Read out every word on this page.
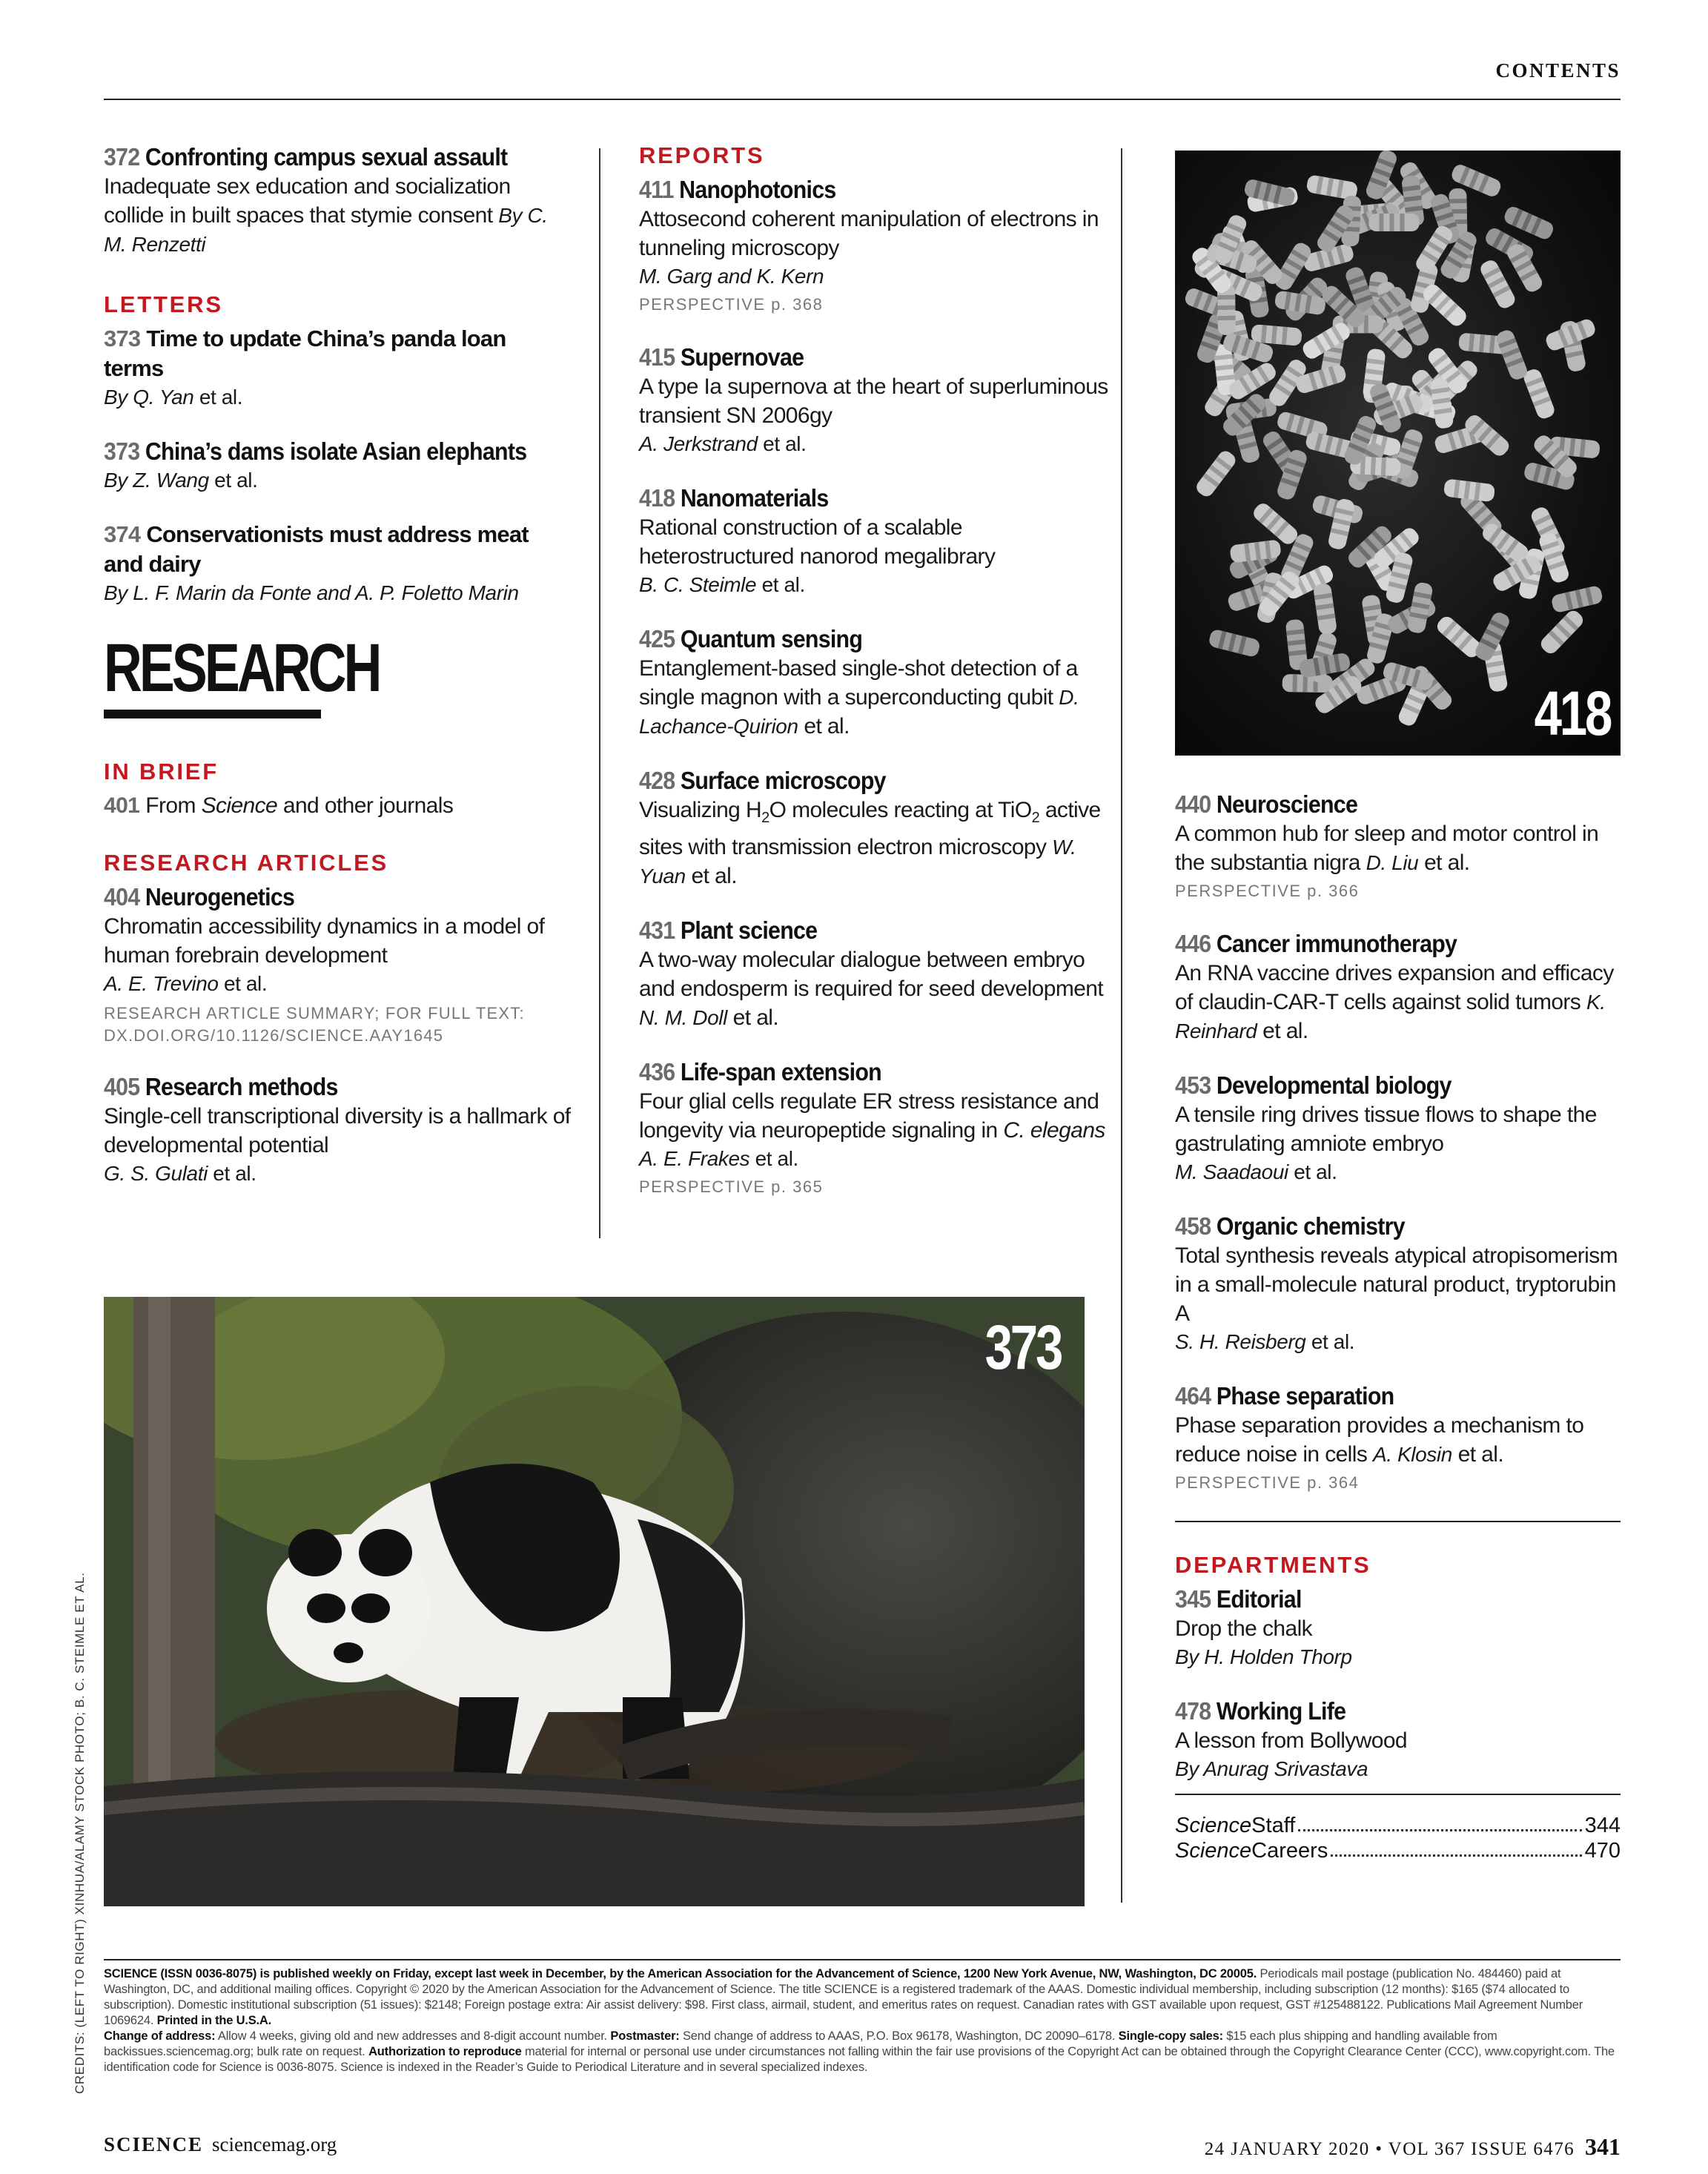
CONTENTS
372 Confronting campus sexual assault
Inadequate sex education and socialization collide in built spaces that stymie consent By C. M. Renzetti
LETTERS
373 Time to update China’s panda loan terms
By Q. Yan et al.
373 China’s dams isolate Asian elephants
By Z. Wang et al.
374 Conservationists must address meat and dairy
By L. F. Marin da Fonte and A. P. Foletto Marin
RESEARCH
IN BRIEF
401 From Science and other journals
RESEARCH ARTICLES
404 Neurogenetics
Chromatin accessibility dynamics in a model of human forebrain development
A. E. Trevino et al.
RESEARCH ARTICLE SUMMARY; FOR FULL TEXT: DX.DOI.ORG/10.1126/SCIENCE.AAY1645
405 Research methods
Single-cell transcriptional diversity is a hallmark of developmental potential
G. S. Gulati et al.
REPORTS
411 Nanophotonics
Attosecond coherent manipulation of electrons in tunneling microscopy
M. Garg and K. Kern
PERSPECTIVE p. 368
415 Supernovae
A type Ia supernova at the heart of superluminous transient SN 2006gy
A. Jerkstrand et al.
418 Nanomaterials
Rational construction of a scalable heterostructured nanorod megalibrary
B. C. Steimle et al.
425 Quantum sensing
Entanglement-based single-shot detection of a single magnon with a superconducting qubit D. Lachance-Quirion et al.
428 Surface microscopy
Visualizing $H_2O$ molecules reacting at TiO$_2$ active sites with transmission electron microscopy W. Yuan et al.
431 Plant science
A two-way molecular dialogue between embryo and endosperm is required for seed development N. M. Doll et al.
436 Life-span extension
Four glial cells regulate ER stress resistance and longevity via neuropeptide signaling in C. elegans
A. E. Frakes et al.
PERSPECTIVE p. 365
418
440 Neuroscience
A common hub for sleep and motor control in the substantia nigra D. Liu et al.
PERSPECTIVE p. 366
446 Cancer immunotherapy
An RNA vaccine drives expansion and efficacy of claudin-CAR-T cells against solid tumors K. Reinhard et al.
453 Developmental biology
A tensile ring drives tissue flows to shape the gastrulating amniote embryo
M. Saadaoui et al.
458 Organic chemistry
Total synthesis reveals atypical atropisomerism in a small-molecule natural product, tryptorubin A
S. H. Reisberg et al.
464 Phase separation
Phase separation provides a mechanism to reduce noise in cells A. Klosin et al.
PERSPECTIVE p. 364
DEPARTMENTS
345 Editorial
Drop the chalk
By H. Holden Thorp
478 Working Life
A lesson from Bollywood
By Anurag Srivastava
Science Staff	344
Science Careers	470
373
CREDITS: (LEFT TO RIGHT) XINHUA/ALAMY STOCK PHOTO; B. C. STEIMLE ET AL. SCIENCE (ISSN 0036-8075) is published weekly on Friday, except last week in December, by the American Association for the Advancement of Science, 1200 New York Avenue, NW, Washington, DC 20005. Periodicals mail postage (publication No. 484460) paid at Washington, DC, and additional mailing offices. Copyright © 2020 by the American Association for the Advancement of Science. The title SCIENCE is a registered trademark of the AAAS. Domestic individual membership, including subscription (12 months): $165 ($74 allocated to subscription). Domestic institutional subscription (51 issues): $2148; Foreign postage extra: Air assist delivery: $98. First class, airmail, student, and emeritus rates on request. Canadian rates with GST available upon request, GST #125488122. Publications Mail Agreement Number 1069624. Printed in the U.S.A.
Change of address: Allow 4 weeks, giving old and new addresses and 8-digit account number. Postmaster: Send change of address to AAAS, P.O. Box 96178, Washington, DC 20090–6178. Single-copy sales: $15 each plus shipping and handling available from backissues.sciencemag.org; bulk rate on request. Authorization to reproduce material for internal or personal use under circumstances not falling within the fair use provisions of the Copyright Act can be obtained through the Copyright Clearance Center (CCC), www.copyright.com. The identification code for Science is 0036-8075. Science is indexed in the Reader’s Guide to Periodical Literature and in several specialized indexes.
SCIENCE sciencemag.org	24 JANUARY 2020 • VOL 367 ISSUE 6476 341
